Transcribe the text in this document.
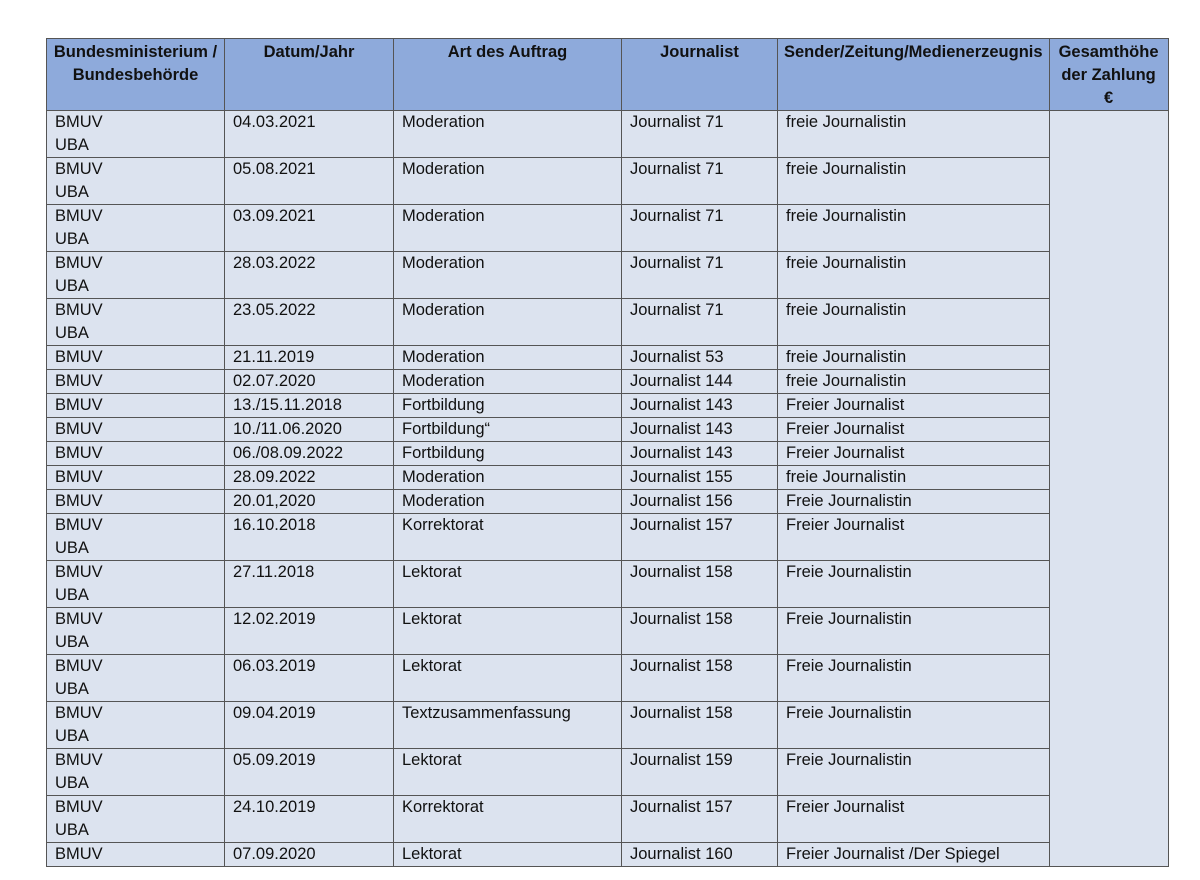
Bundesministerium / Bundesbehörde	Datum/Jahr	Art des Auftrag	Journalist	Sender/Zeitung/Medienerzeugnis	Gesamthöhe der Zahlung €

BMUV
UBA	04.03.2021	Moderation	Journalist 71	freie Journalistin	

BMUV
UBA	05.08.2021	Moderation	Journalist 71	freie Journalistin	

BMUV
UBA	03.09.2021	Moderation	Journalist 71	freie Journalistin	

BMUV
UBA	28.03.2022	Moderation	Journalist 71	freie Journalistin	

BMUV
UBA	23.05.2022	Moderation	Journalist 71	freie Journalistin	

BMUV	21.11.2019	Moderation	Journalist 53	freie Journalistin	

BMUV	02.07.2020	Moderation	Journalist 144	freie Journalistin	

BMUV	13./15.11.2018	Fortbildung	Journalist 143	Freier Journalist	

BMUV	10./11.06.2020	Fortbildung“	Journalist 143	Freier Journalist	

BMUV	06./08.09.2022	Fortbildung	Journalist 143	Freier Journalist	

BMUV	28.09.2022	Moderation	Journalist 155	freie Journalistin	

BMUV	20.01,2020	Moderation	Journalist 156	Freie Journalistin	

BMUV
UBA	16.10.2018	Korrektorat	Journalist 157	Freier Journalist	

BMUV
UBA	27.11.2018	Lektorat	Journalist 158	Freie Journalistin	

BMUV
UBA	12.02.2019	Lektorat	Journalist 158	Freie Journalistin	

BMUV
UBA	06.03.2019	Lektorat	Journalist 158	Freie Journalistin	

BMUV
UBA	09.04.2019	Textzusammenfassung	Journalist 158	Freie Journalistin	

BMUV
UBA	05.09.2019	Lektorat	Journalist 159	Freie Journalistin	

BMUV
UBA	24.10.2019	Korrektorat	Journalist 157	Freier Journalist	

BMUV	07.09.2020	Lektorat	Journalist 160	Freier Journalist /Der Spiegel	
